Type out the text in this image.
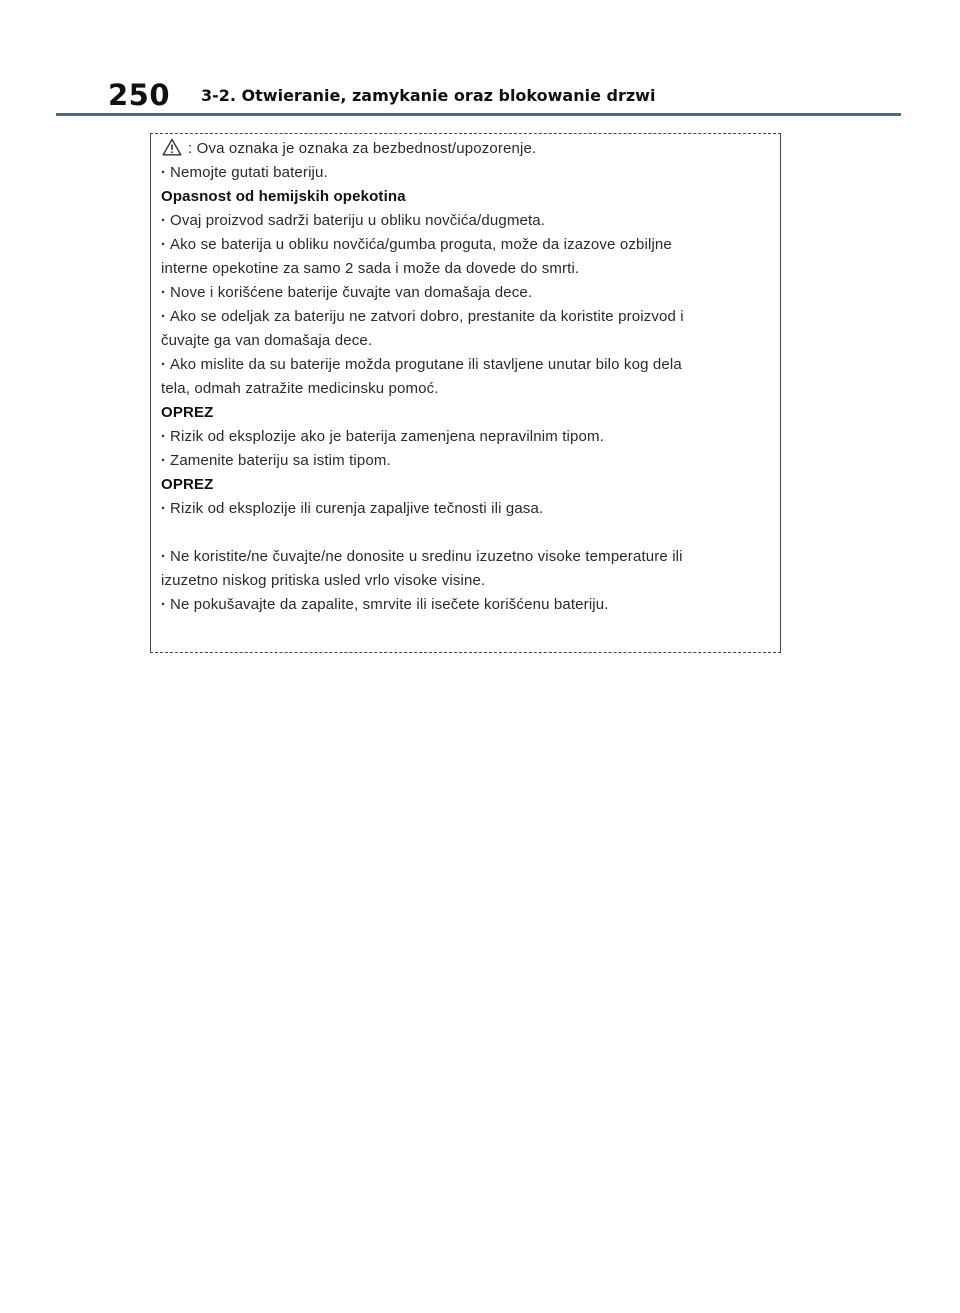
250 3-2. Otwieranie, zamykanie oraz blokowanie drzwi
: Ova oznaka je oznaka za bezbednost/upozorenje.
· Nemojte gutati bateriju.
Opasnost od hemijskih opekotina
· Ovaj proizvod sadrži bateriju u obliku novčića/dugmeta.
· Ako se baterija u obliku novčića/gumba proguta, može da izazove ozbiljne
interne opekotine za samo 2 sada i može da dovede do smrti.
· Nove i korišćene baterije čuvajte van domašaja dece.
· Ako se odeljak za bateriju ne zatvori dobro, prestanite da koristite proizvod i
čuvajte ga van domašaja dece.
· Ako mislite da su baterije možda progutane ili stavljene unutar bilo kog dela
tela, odmah zatražite medicinsku pomoć.
OPREZ
· Rizik od eksplozije ako je baterija zamenjena nepravilnim tipom.
· Zamenite bateriju sa istim tipom.
OPREZ
· Rizik od eksplozije ili curenja zapaljive tečnosti ili gasa.
· Ne koristite/ne čuvajte/ne donosite u sredinu izuzetno visoke temperature ili
izuzetno niskog pritiska usled vrlo visoke visine.
· Ne pokušavajte da zapalite, smrvite ili isečete korišćenu bateriju.
